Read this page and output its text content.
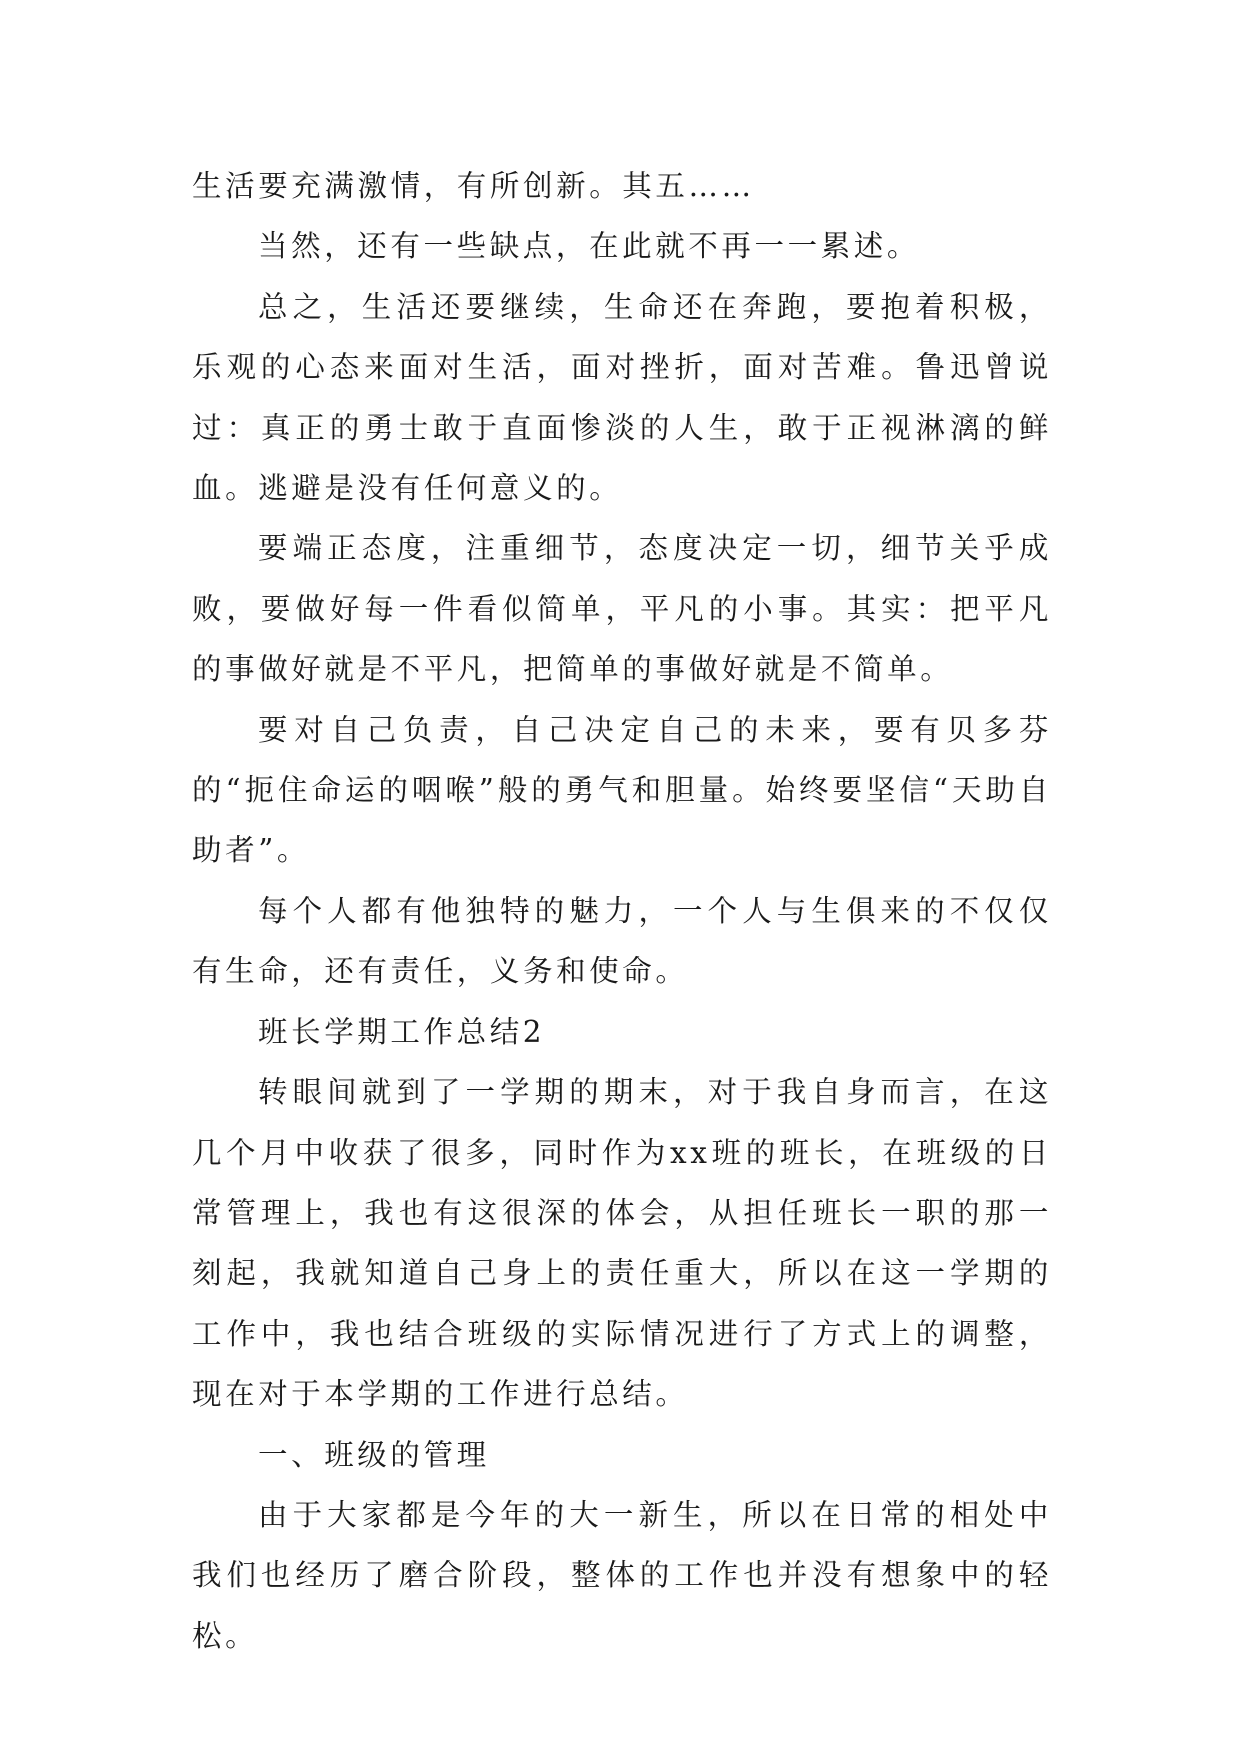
生活要充满激情，有所创新。其五……

当然，还有一些缺点，在此就不再一一累述。

总之，生活还要继续，生命还在奔跑，要抱着积极，乐观的心态来面对生活，面对挫折，面对苦难。鲁迅曾说过：真正的勇士敢于直面惨淡的人生，敢于正视淋漓的鲜血。逃避是没有任何意义的。

要端正态度，注重细节，态度决定一切，细节关乎成败，要做好每一件看似简单，平凡的小事。其实：把平凡的事做好就是不平凡，把简单的事做好就是不简单。

要对自己负责，自己决定自己的未来，要有贝多芬的“扼住命运的咽喉”般的勇气和胆量。始终要坚信“天助自助者”。

每个人都有他独特的魅力，一个人与生俱来的不仅仅有生命，还有责任，义务和使命。

班长学期工作总结2

转眼间就到了一学期的期末，对于我自身而言，在这几个月中收获了很多，同时作为xx班的班长，在班级的日常管理上，我也有这很深的体会，从担任班长一职的那一刻起，我就知道自己身上的责任重大，所以在这一学期的工作中，我也结合班级的实际情况进行了方式上的调整，现在对于本学期的工作进行总结。

一、班级的管理

由于大家都是今年的大一新生，所以在日常的相处中我们也经历了磨合阶段，整体的工作也并没有想象中的轻松。
